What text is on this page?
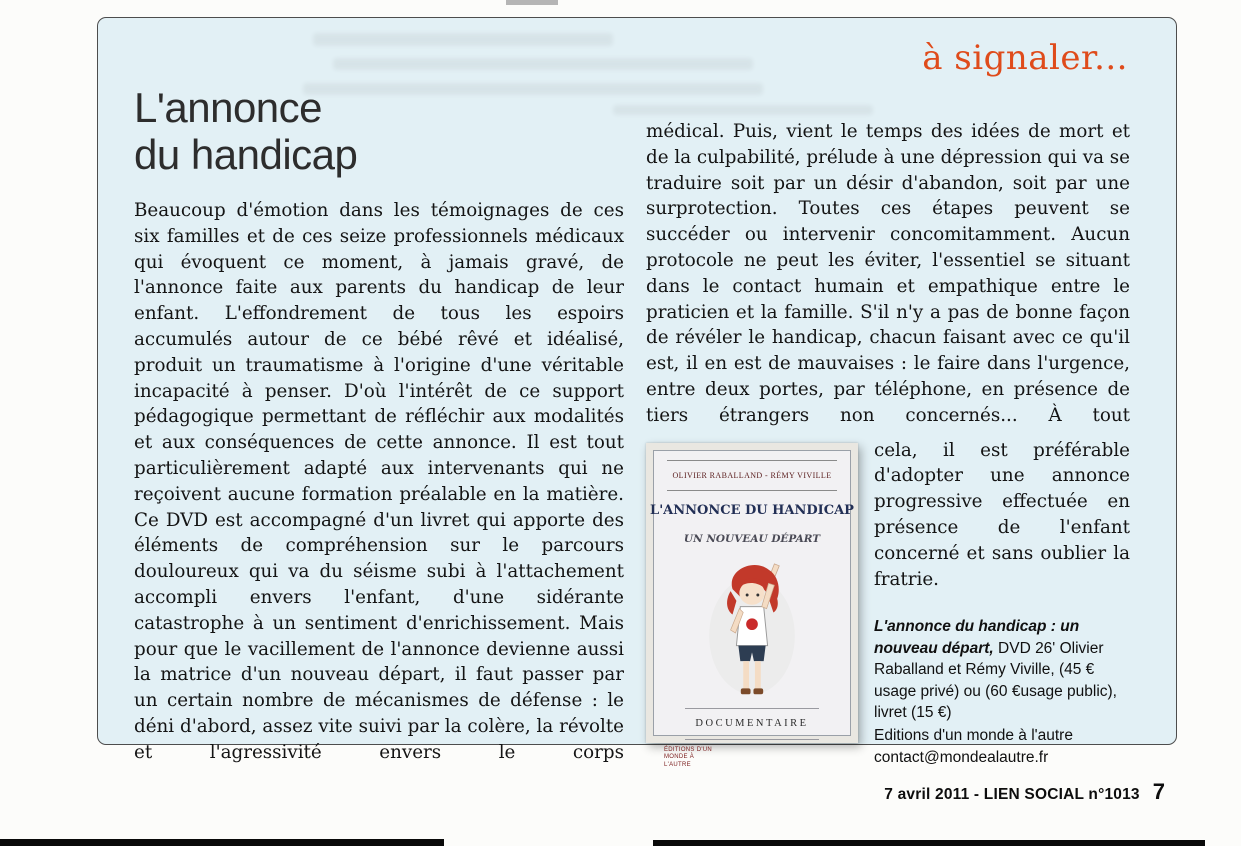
à signaler...
L'annonce
du handicap

Beaucoup d'émotion dans les témoignages de ces six familles et de ces seize professionnels médicaux qui évoquent ce moment, à jamais gravé, de l'annonce faite aux parents du handicap de leur enfant. L'effondrement de tous les espoirs accumulés autour de ce bébé rêvé et idéalisé, produit un traumatisme à l'origine d'une véritable incapacité à penser. D'où l'intérêt de ce support pédagogique permettant de réfléchir aux modalités et aux conséquences de cette annonce. Il est tout particulièrement adapté aux intervenants qui ne reçoivent aucune formation préalable en la matière. Ce DVD est accompagné d'un livret qui apporte des éléments de compréhension sur le parcours douloureux qui va du séisme subi à l'attachement accompli envers l'enfant, d'une sidérante catastrophe à un sentiment d'enrichissement. Mais pour que le vacillement de l'annonce devienne aussi la matrice d'un nouveau départ, il faut passer par un certain nombre de mécanismes de défense : le déni d'abord, assez vite suivi par la colère, la révolte et l'agressivité envers le corps

médical. Puis, vient le temps des idées de mort et de la culpabilité, prélude à une dépression qui va se traduire soit par un désir d'abandon, soit par une surprotection. Toutes ces étapes peuvent se succéder ou intervenir concomitamment. Aucun protocole ne peut les éviter, l'essentiel se situant dans le contact humain et empathique entre le praticien et la famille. S'il n'y a pas de bonne façon de révéler le handicap, chacun faisant avec ce qu'il est, il en est de mauvaises : le faire dans l'urgence, entre deux portes, par téléphone, en présence de tiers étrangers non concernés... À tout

OLIVIER RABALLAND - RÉMY VIVILLE
L'ANNONCE DU HANDICAP
UN NOUVEAU DÉPART
DOCUMENTAIRE
ÉDITIONS D'UN MONDE À L'AUTRE

cela, il est préférable d'adopter une annonce progressive effectuée en présence de l'enfant concerné et sans oublier la fratrie.

L'annonce du handicap : un nouveau départ, DVD 26' Olivier Raballand et Rémy Viville, (45 € usage privé) ou (60 €usage public), livret (15 €)

Editions d'un monde à l'autre

contact@mondealautre.fr

7 avril 2011 - LIEN SOCIAL n°1013 7
